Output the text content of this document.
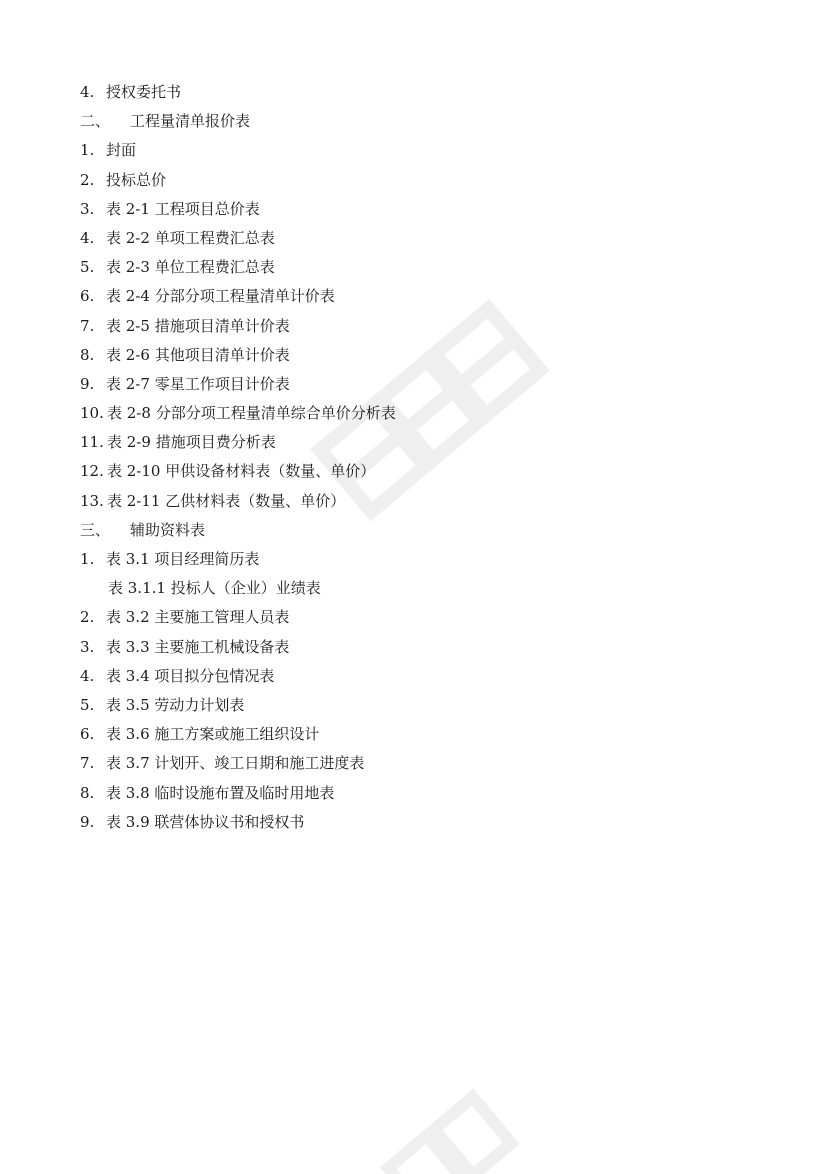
4. 授权委托书
二、	工程量清单报价表
1. 封面
2. 投标总价
3. 表 2-1 工程项目总价表
4. 表 2-2 单项工程费汇总表
5. 表 2-3 单位工程费汇总表
6. 表 2-4 分部分项工程量清单计价表
7. 表 2-5 措施项目清单计价表
8. 表 2-6 其他项目清单计价表
9. 表 2-7 零星工作项目计价表
10. 表 2-8 分部分项工程量清单综合单价分析表
11. 表 2-9 措施项目费分析表
12. 表 2-10 甲供设备材料表（数量、单价）
13. 表 2-11 乙供材料表（数量、单价）
三、	辅助资料表
1. 表 3.1 项目经理简历表
表 3.1.1 投标人（企业）业绩表
2. 表 3.2 主要施工管理人员表
3. 表 3.3 主要施工机械设备表
4. 表 3.4 项目拟分包情况表
5. 表 3.5 劳动力计划表
6. 表 3.6 施工方案或施工组织设计
7. 表 3.7 计划开、竣工日期和施工进度表
8. 表 3.8 临时设施布置及临时用地表
9. 表 3.9 联营体协议书和授权书
